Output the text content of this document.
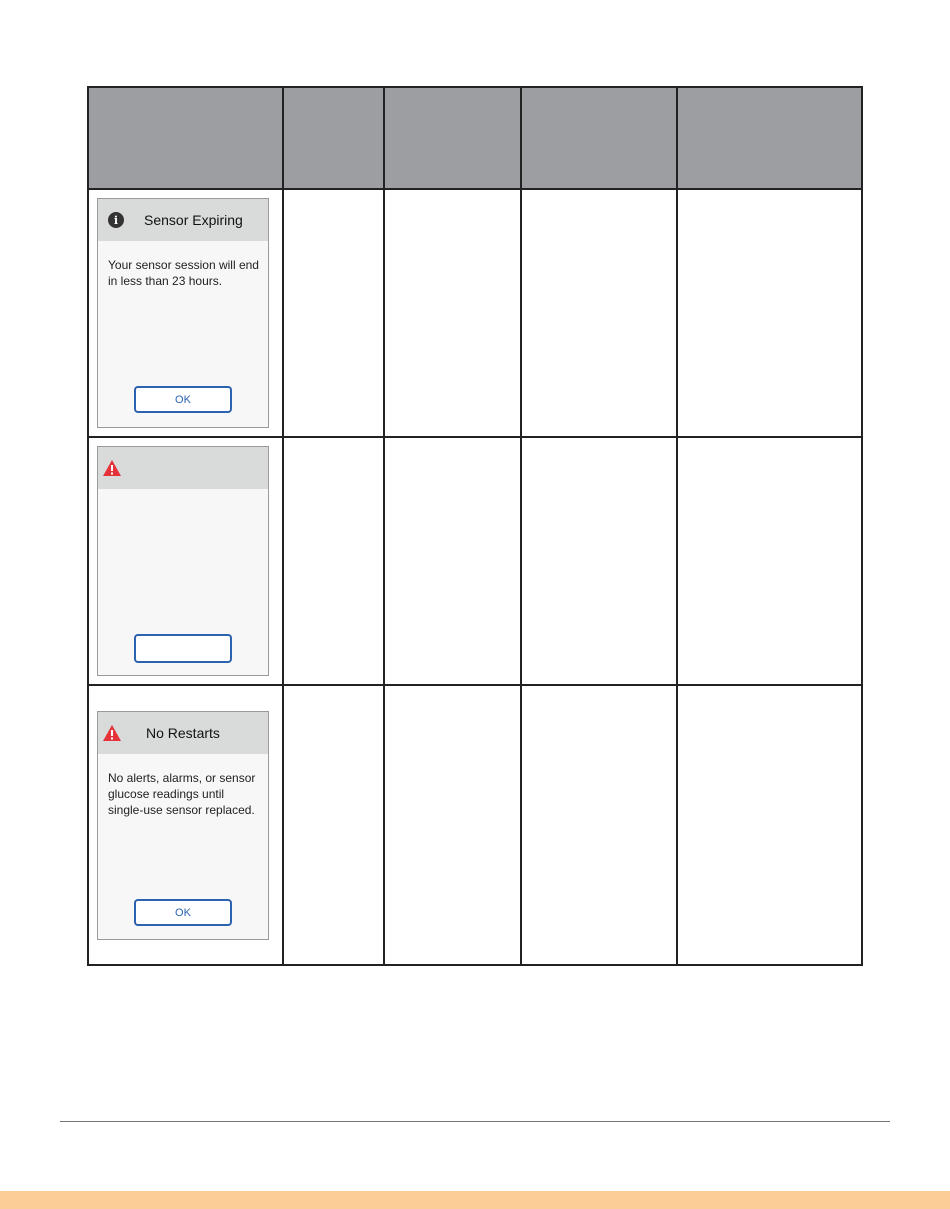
i	Sensor Expiring
Your sensor session will end in less than 23 hours.
OK
No Restarts
No alerts, alarms, or sensor glucose readings until single-use sensor replaced.
OK
